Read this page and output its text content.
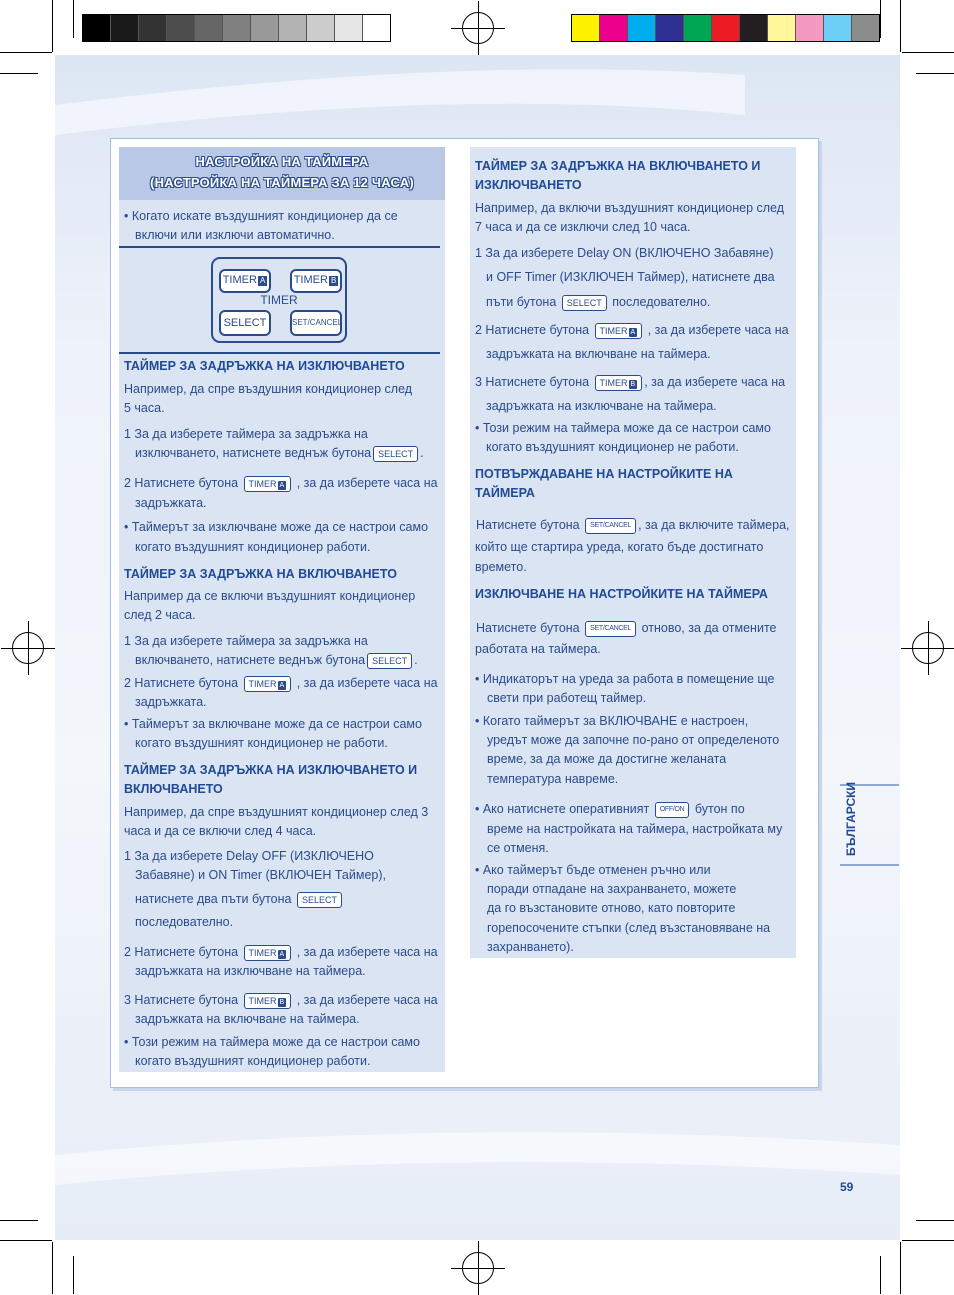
НАСТРОЙКА НА ТАЙМЕРА
(НАСТРОЙКА НА ТАЙМЕРА ЗА 12 ЧАСА)
• Когато искате въздушният кондиционер да се
включи или изключи автоматично.
TIMER A	TIMER B
TIMER
SELECT	SET/CANCEL
ТАЙМЕР ЗА ЗАДРЪЖКА НА ИЗКЛЮЧВАНЕТО
Например, да спре въздушния кондиционер след
5 часа.
1 За да изберете таймера за задръжка на
изключването, натиснете веднъж бутона SELECT .
2 Натиснете бутона TIMER A , за да изберете часа на
задръжката.
• Таймерът за изключване може да се настрои само
когато въздушният кондиционер работи.
ТАЙМЕР ЗА ЗАДРЪЖКА НА ВКЛЮЧВАНЕТО
Например да се включи въздушният кондиционер
след 2 часа.
1 За да изберете таймера за задръжка на
включването, натиснете веднъж бутона SELECT .
2 Натиснете бутона TIMER A , за да изберете часа на
задръжката.
• Таймерът за включване може да се настрои само
когато въздушният кондиционер не работи.
ТАЙМЕР ЗА ЗАДРЪЖКА НА ИЗКЛЮЧВАНЕТО И
ВКЛЮЧВАНЕТО
Например, да спре въздушният кондиционер след 3
часа и да се включи след 4 часа.
1 За да изберете Delay OFF (ИЗКЛЮЧЕНО
Забавяне) и ON Timer (ВКЛЮЧЕН Таймер),
натиснете два пъти бутона SELECT
последователно.
2 Натиснете бутона TIMER A , за да изберете часа на
задръжката на изключване на таймера.
3 Натиснете бутона TIMER B , за да изберете часа на
задръжката на включване на таймера.
• Този режим на таймера може да се настрои само
когато въздушният кондиционер работи.
ТАЙМЕР ЗА ЗАДРЪЖКА НА ВКЛЮЧВАНЕТО И
ИЗКЛЮЧВАНЕТО
Например, да включи въздушният кондиционер след
7 часа и да се изключи след 10 часа.
1 За да изберете Delay ON (ВКЛЮЧЕНО Забавяне)
и OFF Timer (ИЗКЛЮЧЕН Таймер), натиснете два
пъти бутона SELECT последователно.
2 Натиснете бутона TIMER A , за да изберете часа на
задръжката на включване на таймера.
3 Натиснете бутона TIMER B , за да изберете часа на
задръжката на изключване на таймера.
• Този режим на таймера може да се настрои само
когато въздушният кондиционер не работи.
ПОТВЪРЖДАВАНЕ НА НАСТРОЙКИТЕ НА
ТАЙМЕРА
Натиснете бутона SET/CANCEL , за да включите таймера,
който ще стартира уреда, когато бъде достигнато
времето.
ИЗКЛЮЧВАНЕ НА НАСТРОЙКИТЕ НА ТАЙМЕРА
Натиснете бутона SET/CANCEL отново, за да отмените
работата на таймера.
• Индикаторът на уреда за работа в помещение ще
свети при работещ таймер.
• Когато таймерът за ВКЛЮЧВАНЕ е настроен,
уредът може да започне по-рано от определеното
време, за да може да достигне желаната
температура навреме.
• Ако натиснете оперативният OFF/ON бутон по
време на настройката на таймера, настройката му
се отменя.
• Ако таймерът бъде отменен ръчно или
поради отпадане на захранването, можете
да го възстановите отново, като повторите
горепосочените стъпки (след възстановяване на
захранването).
БЪЛГАРСКИ
59
